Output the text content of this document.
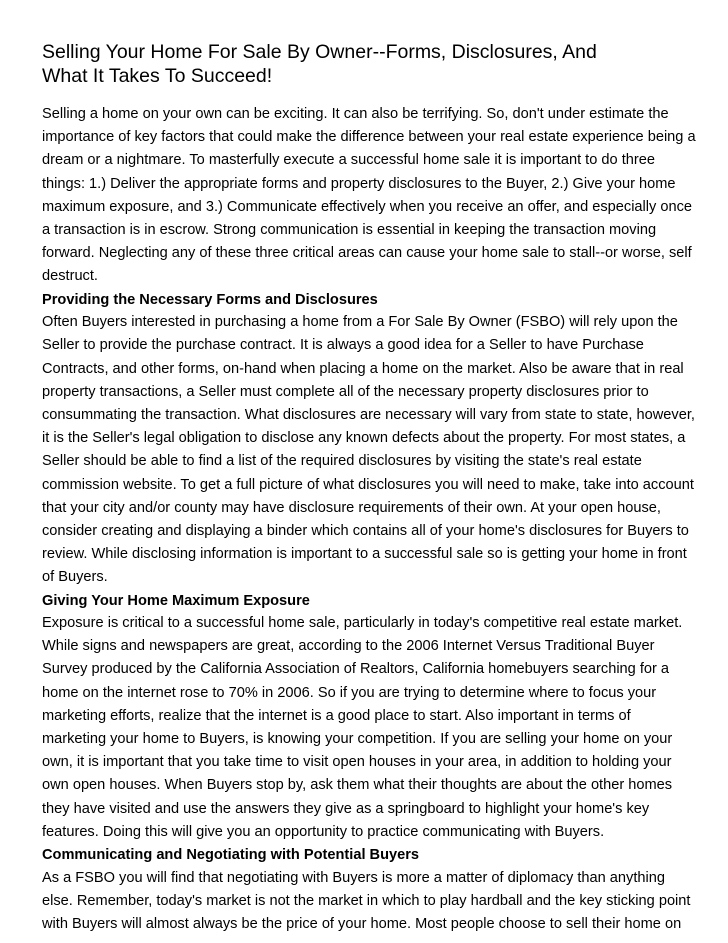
Selling Your Home For Sale By Owner--Forms, Disclosures, And
What It Takes To Succeed!

Selling a home on your own can be exciting. It can also be terrifying. So, don't under estimate the
importance of key factors that could make the difference between your real estate experience being a
dream or a nightmare. To masterfully execute a successful home sale it is important to do three
things: 1.) Deliver the appropriate forms and property disclosures to the Buyer, 2.) Give your home
maximum exposure, and 3.) Communicate effectively when you receive an offer, and especially once
a transaction is in escrow. Strong communication is essential in keeping the transaction moving
forward. Neglecting any of these three critical areas can cause your home sale to stall--or worse, self
destruct.

Providing the Necessary Forms and Disclosures

Often Buyers interested in purchasing a home from a For Sale By Owner (FSBO) will rely upon the
Seller to provide the purchase contract. It is always a good idea for a Seller to have Purchase
Contracts, and other forms, on-hand when placing a home on the market. Also be aware that in real
property transactions, a Seller must complete all of the necessary property disclosures prior to
consummating the transaction. What disclosures are necessary will vary from state to state, however,
it is the Seller's legal obligation to disclose any known defects about the property. For most states, a
Seller should be able to find a list of the required disclosures by visiting the state's real estate
commission website. To get a full picture of what disclosures you will need to make, take into account
that your city and/or county may have disclosure requirements of their own. At your open house,
consider creating and displaying a binder which contains all of your home's disclosures for Buyers to
review. While disclosing information is important to a successful sale so is getting your home in front
of Buyers.

Giving Your Home Maximum Exposure

Exposure is critical to a successful home sale, particularly in today's competitive real estate market.
While signs and newspapers are great, according to the 2006 Internet Versus Traditional Buyer
Survey produced by the California Association of Realtors, California homebuyers searching for a
home on the internet rose to 70% in 2006. So if you are trying to determine where to focus your
marketing efforts, realize that the internet is a good place to start. Also important in terms of
marketing your home to Buyers, is knowing your competition. If you are selling your home on your
own, it is important that you take time to visit open houses in your area, in addition to holding your
own open houses. When Buyers stop by, ask them what their thoughts are about the other homes
they have visited and use the answers they give as a springboard to highlight your home's key
features. Doing this will give you an opportunity to practice communicating with Buyers.

Communicating and Negotiating with Potential Buyers

As a FSBO you will find that negotiating with Buyers is more a matter of diplomacy than anything
else. Remember, today's market is not the market in which to play hardball and the key sticking point
with Buyers will almost always be the price of your home. Most people choose to sell their home on
